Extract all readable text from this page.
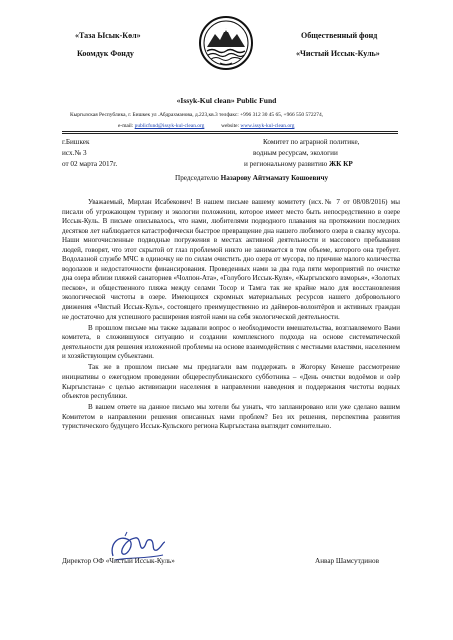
«Таза Ысык-Көл»
Коомдук Фонду
Общественный фонд
«Чистый Иссык-Куль»
«Issyk-Kul clean» Public Fund
Кыргызская Республика, г. Бишкек ул .Абдрахманова, д.223,кв.3 телфакс: +996 312 30 45 65, +966 550 572274,
e-mail: publicfund@issyk-kul-clean.org	website: www.issyk-kul-clean.org
г.Бишкек
исх.№ 3
от 02 марта 2017г.
Комитет по аграрной политике,
водным ресурсам, экологии
и региональному развитию ЖК КР
Председателю Назарову Айтмамату Кошоевичу

Уважаемый, Мирлан Исабекович! В нашем письме вашему комитету (исх.№ 7 от 08/08/2016) мы писали об угрожающем туризму и экологии положении, которое имеет место быть непосредственно в озере Иссык-Куль. В письме описывалось, что нами, любителями подводного плавания на протяжении последних десятков лет наблюдается катастрофически быстрое превращение дна нашего любимого озера в свалку мусора. Наши многочисленные подводные погружения в местах активной деятельности и массового пребывания людей, говорят, что этот скрытой от глаз проблемой никто не занимается в том объеме, которого она требует. Водолазной службе МЧС в одиночку не по силам очистить дно озера от мусора, по причине малого количества водолазов и недостаточности финансирования. Проведенных нами за два года пяти мероприятий по очистке дна озера вблизи пляжей санаториев «Чолпон-Ата», «Голубого Иссык-Куля», «Кыргызского взморья», «Золотых песков», и общественного пляжа между селами Тосор и Тамга так же крайне мало для восстановления экологической чистоты в озере. Имеющихся скромных материальных ресурсов нашего добровольного движения «Чистый Иссык-Куль», состоящего преимущественно из дайверов-волонтёров и активных граждан не достаточно для успешного расширения взятой нами на себя экологической деятельности.

В прошлом письме мы также задавали вопрос о необходимости вмешательства, возглавляемого Вами комитета, в сложившуюся ситуацию и создании комплексного подхода на основе систематической деятельности для решения изложенной проблемы на основе взаимодействия с местными властями, населением и хозяйствующим субъектами.

Так же в прошлом письме мы предлагали вам поддержать в Жогорку Кенеше рассмотрение инициативы о ежегодном проведении общереспубликанского субботника – «День очистки водоёмов и озёр Кыргызстана» с целью активизации населения в направлении наведения и поддержания чистоты водных объектов республики.

В вашем ответе на данное письмо мы хотели бы узнать, что запланировано или уже сделано вашим Комитетом в направлении решения описанных нами проблем? Без их решения, перспектива развития туристического будущего Иссык-Кульского региона Кыргызстана выглядит сомнительно.

Директор ОФ «Чистый Иссык-Куль»	Анвар Шамсутдинов
